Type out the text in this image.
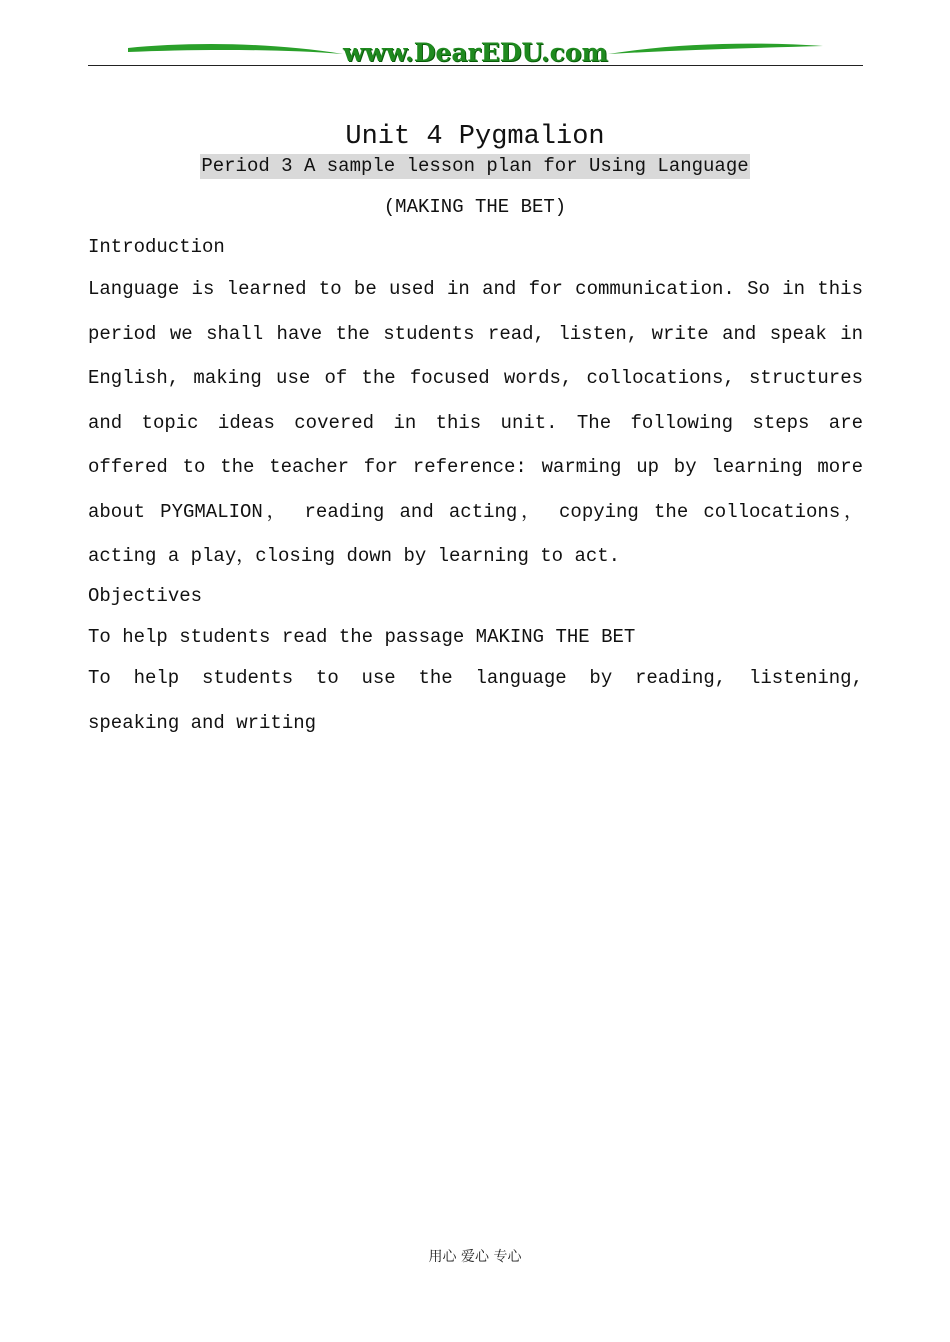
www.DearEDU.com
Unit 4 Pygmalion
Period 3 A sample lesson plan for Using Language
(MAKING THE BET)
Introduction
Language is learned to be used in and for communication. So in this period we shall have the students read, listen, write and speak in English, making use of the focused words, collocations, structures and topic ideas covered in this unit. The following steps are offered to the teacher for reference: warming up by learning more about PYGMALION， reading and acting， copying the collocations， acting a play，closing down by learning to act.
Objectives
To help students read the passage MAKING THE BET
To help students to use the language by reading, listening, speaking and writing
用心 爱心 专心
